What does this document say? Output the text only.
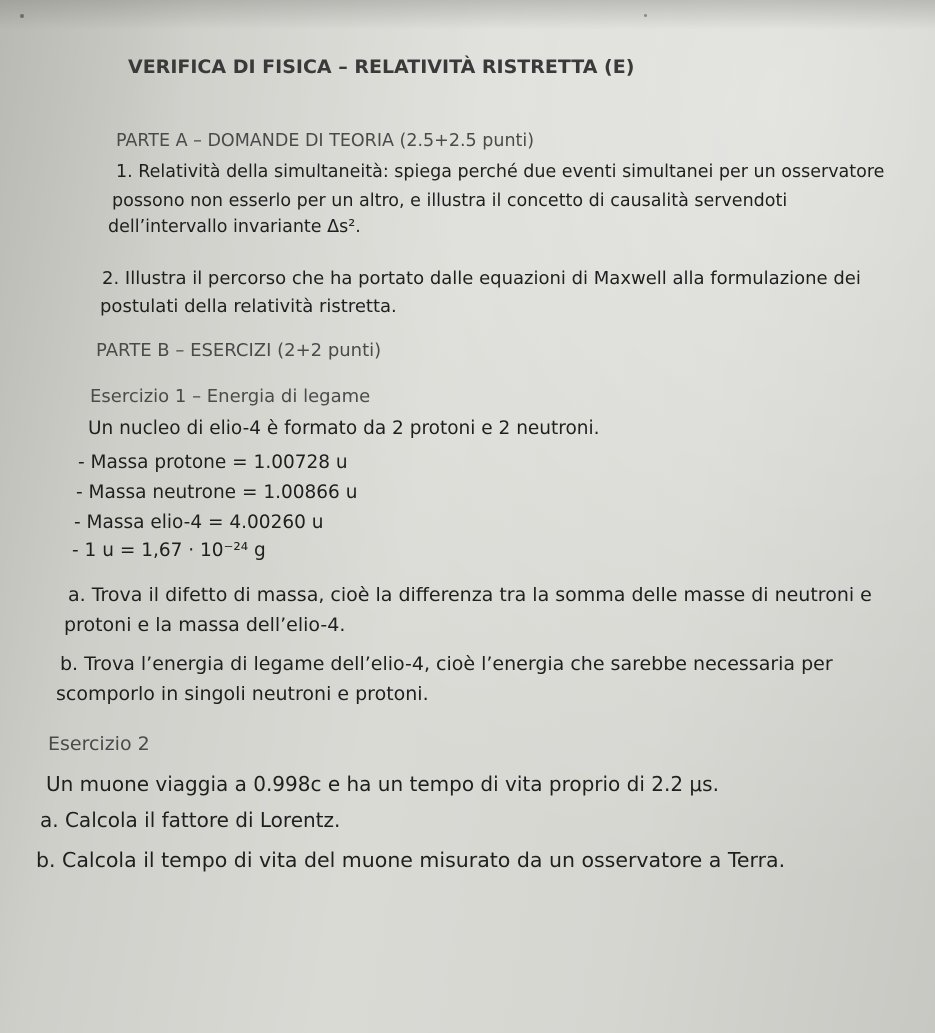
VERIFICA DI FISICA – RELATIVITÀ RISTRETTA (E)
PARTE A – DOMANDE DI TEORIA (2.5+2.5 punti)
1. Relatività della simultaneità: spiega perché due eventi simultanei per un osservatore
possono non esserlo per un altro, e illustra il concetto di causalità servendoti
dell’intervallo invariante Δs².
2. Illustra il percorso che ha portato dalle equazioni di Maxwell alla formulazione dei
postulati della relatività ristretta.
PARTE B – ESERCIZI (2+2 punti)
Esercizio 1 – Energia di legame
Un nucleo di elio-4 è formato da 2 protoni e 2 neutroni.
- Massa protone = 1.00728 u
- Massa neutrone = 1.00866 u
- Massa elio-4 = 4.00260 u
- 1 u = 1,67 · 10⁻²⁴ g
a. Trova il difetto di massa, cioè la differenza tra la somma delle masse di neutroni e
protoni e la massa dell’elio-4.
b. Trova l’energia di legame dell’elio-4, cioè l’energia che sarebbe necessaria per
scomporlo in singoli neutroni e protoni.
Esercizio 2
Un muone viaggia a 0.998c e ha un tempo di vita proprio di 2.2 μs.
a. Calcola il fattore di Lorentz.
b. Calcola il tempo di vita del muone misurato da un osservatore a Terra.
